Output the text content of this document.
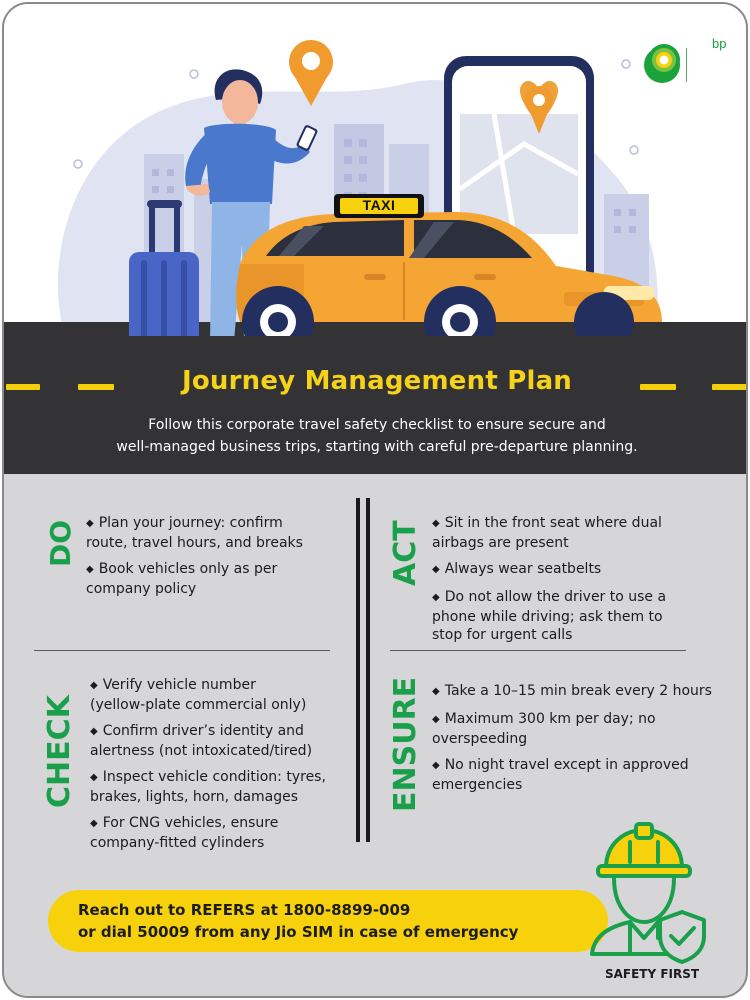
TAXI
bp
Journey Management Plan
Follow this corporate travel safety checklist to ensure secure and
well-managed business trips, starting with careful pre-departure planning.
DO ◆ Plan your journey: confirm
route, travel hours, and breaks
◆ Book vehicles only as per
company policy
ACT ◆ Sit in the front seat where dual
airbags are present
◆ Always wear seatbelts
◆ Do not allow the driver to use a
phone while driving; ask them to
stop for urgent calls
CHECK
◆ Verify vehicle number
(yellow-plate commercial only)
◆ Confirm driver’s identity and
alertness (not intoxicated/tired)
◆ Inspect vehicle condition: tyres,
brakes, lights, horn, damages
◆ For CNG vehicles, ensure
company-fitted cylinders
ENSURE ◆ Take a 10–15 min break every 2 hours
◆ Maximum 300 km per day; no
overspeeding
◆ No night travel except in approved
emergencies
Reach out to REFERS at 1800-8899-009
or dial 50009 from any Jio SIM in case of emergency
SAFETY FIRST
